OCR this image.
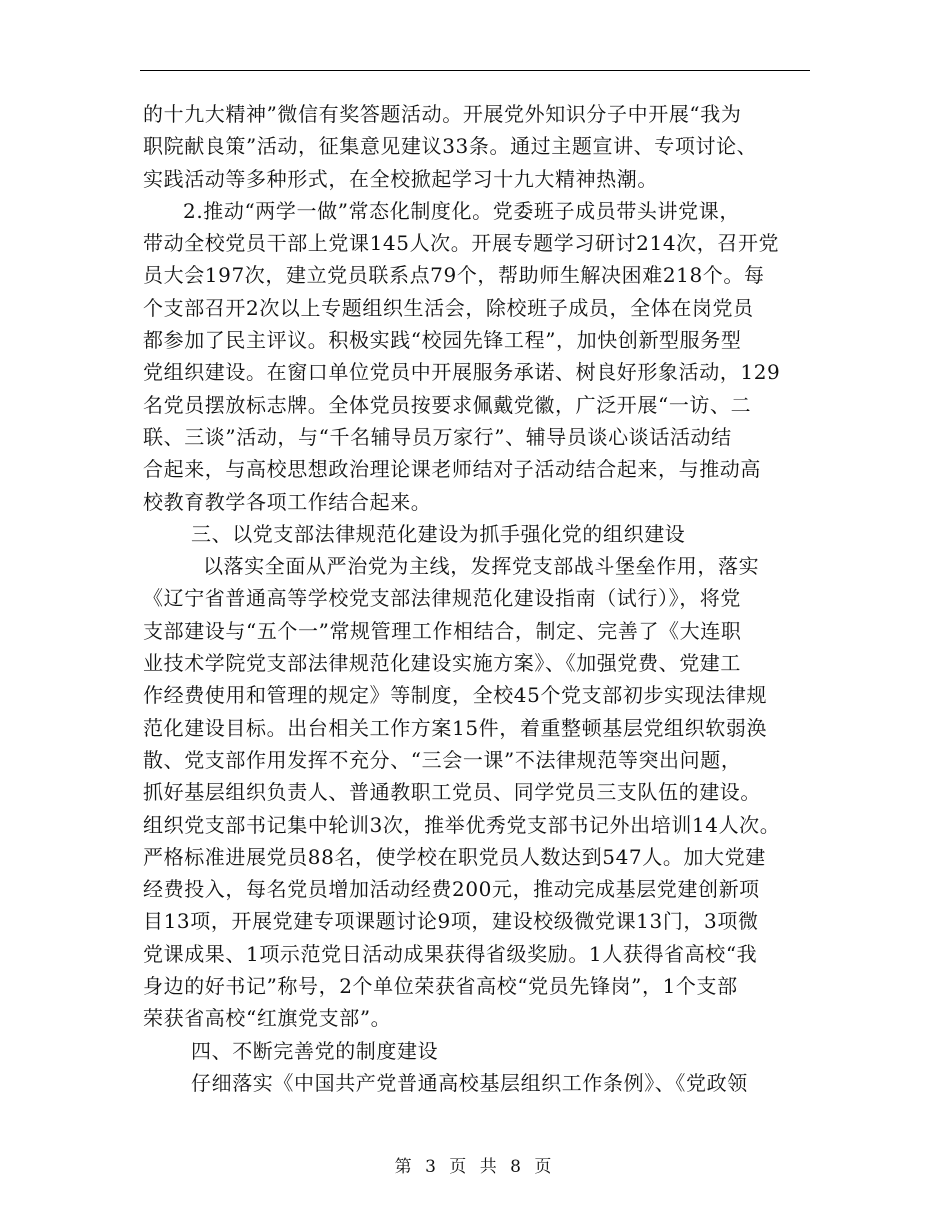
的十九大精神”微信有奖答题活动。开展党外知识分子中开展“我为
职院献良策”活动，征集意见建议33条。通过主题宣讲、专项讨论、
实践活动等多种形式，在全校掀起学习十九大精神热潮。
2.推动“两学一做”常态化制度化。党委班子成员带头讲党课，
带动全校党员干部上党课145人次。开展专题学习研讨214次，召开党
员大会197次，建立党员联系点79个，帮助师生解决困难218个。每
个支部召开2次以上专题组织生活会，除校班子成员，全体在岗党员
都参加了民主评议。积极实践“校园先锋工程”，加快创新型服务型
党组织建设。在窗口单位党员中开展服务承诺、树良好形象活动，129
名党员摆放标志牌。全体党员按要求佩戴党徽，广泛开展“一访、二
联、三谈”活动，与“千名辅导员万家行”、辅导员谈心谈话活动结
合起来，与高校思想政治理论课老师结对子活动结合起来，与推动高
校教育教学各项工作结合起来。
三、以党支部法律规范化建设为抓手强化党的组织建设
以落实全面从严治党为主线，发挥党支部战斗堡垒作用，落实
《辽宁省普通高等学校党支部法律规范化建设指南（试行）》，将党
支部建设与“五个一”常规管理工作相结合，制定、完善了《大连职
业技术学院党支部法律规范化建设实施方案》、《加强党费、党建工
作经费使用和管理的规定》等制度，全校45个党支部初步实现法律规
范化建设目标。出台相关工作方案15件，着重整顿基层党组织软弱涣
散、党支部作用发挥不充分、“三会一课”不法律规范等突出问题，
抓好基层组织负责人、普通教职工党员、同学党员三支队伍的建设。
组织党支部书记集中轮训3次，推举优秀党支部书记外出培训14人次。
严格标准进展党员88名，使学校在职党员人数达到547人。加大党建
经费投入，每名党员增加活动经费200元，推动完成基层党建创新项
目13项，开展党建专项课题讨论9项，建设校级微党课13门，3项微
党课成果、1项示范党日活动成果获得省级奖励。1人获得省高校“我
身边的好书记”称号，2个单位荣获省高校“党员先锋岗”，1个支部
荣获省高校“红旗党支部”。
四、不断完善党的制度建设
仔细落实《中国共产党普通高校基层组织工作条例》、《党政领
第 3 页 共 8 页
